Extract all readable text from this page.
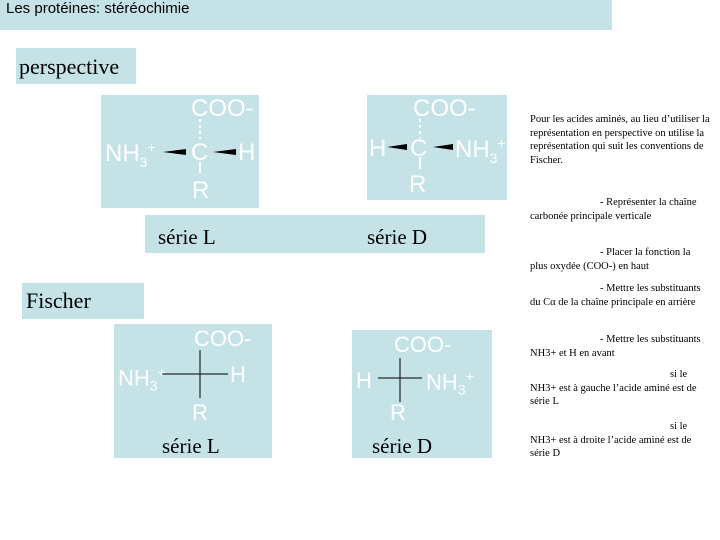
Les protéines: stéréochimie
perspective
COO-
$NH_3^+$ C H
R
COO-
H C $NH_3^+$
R
série L	série D
Fischer
COO-
$NH_3^+$	H
R
COO-
H $NH_3^+$
R
série L	série D
Pour les acides aminés, au lieu d’utiliser la représentation en perspective on utilise la représentation qui suit les conventions de Fischer.
- Représenter la chaîne carbonée principale verticale
- Placer la fonction la plus oxydée (COO-) en haut
- Mettre les substituants du Cα de la chaîne principale en arrière
- Mettre les substituants NH3+ et H en avant
si le NH3+ est à gauche l’acide aminé est de série L
si le NH3+ est à droite l’acide aminé est de série D
